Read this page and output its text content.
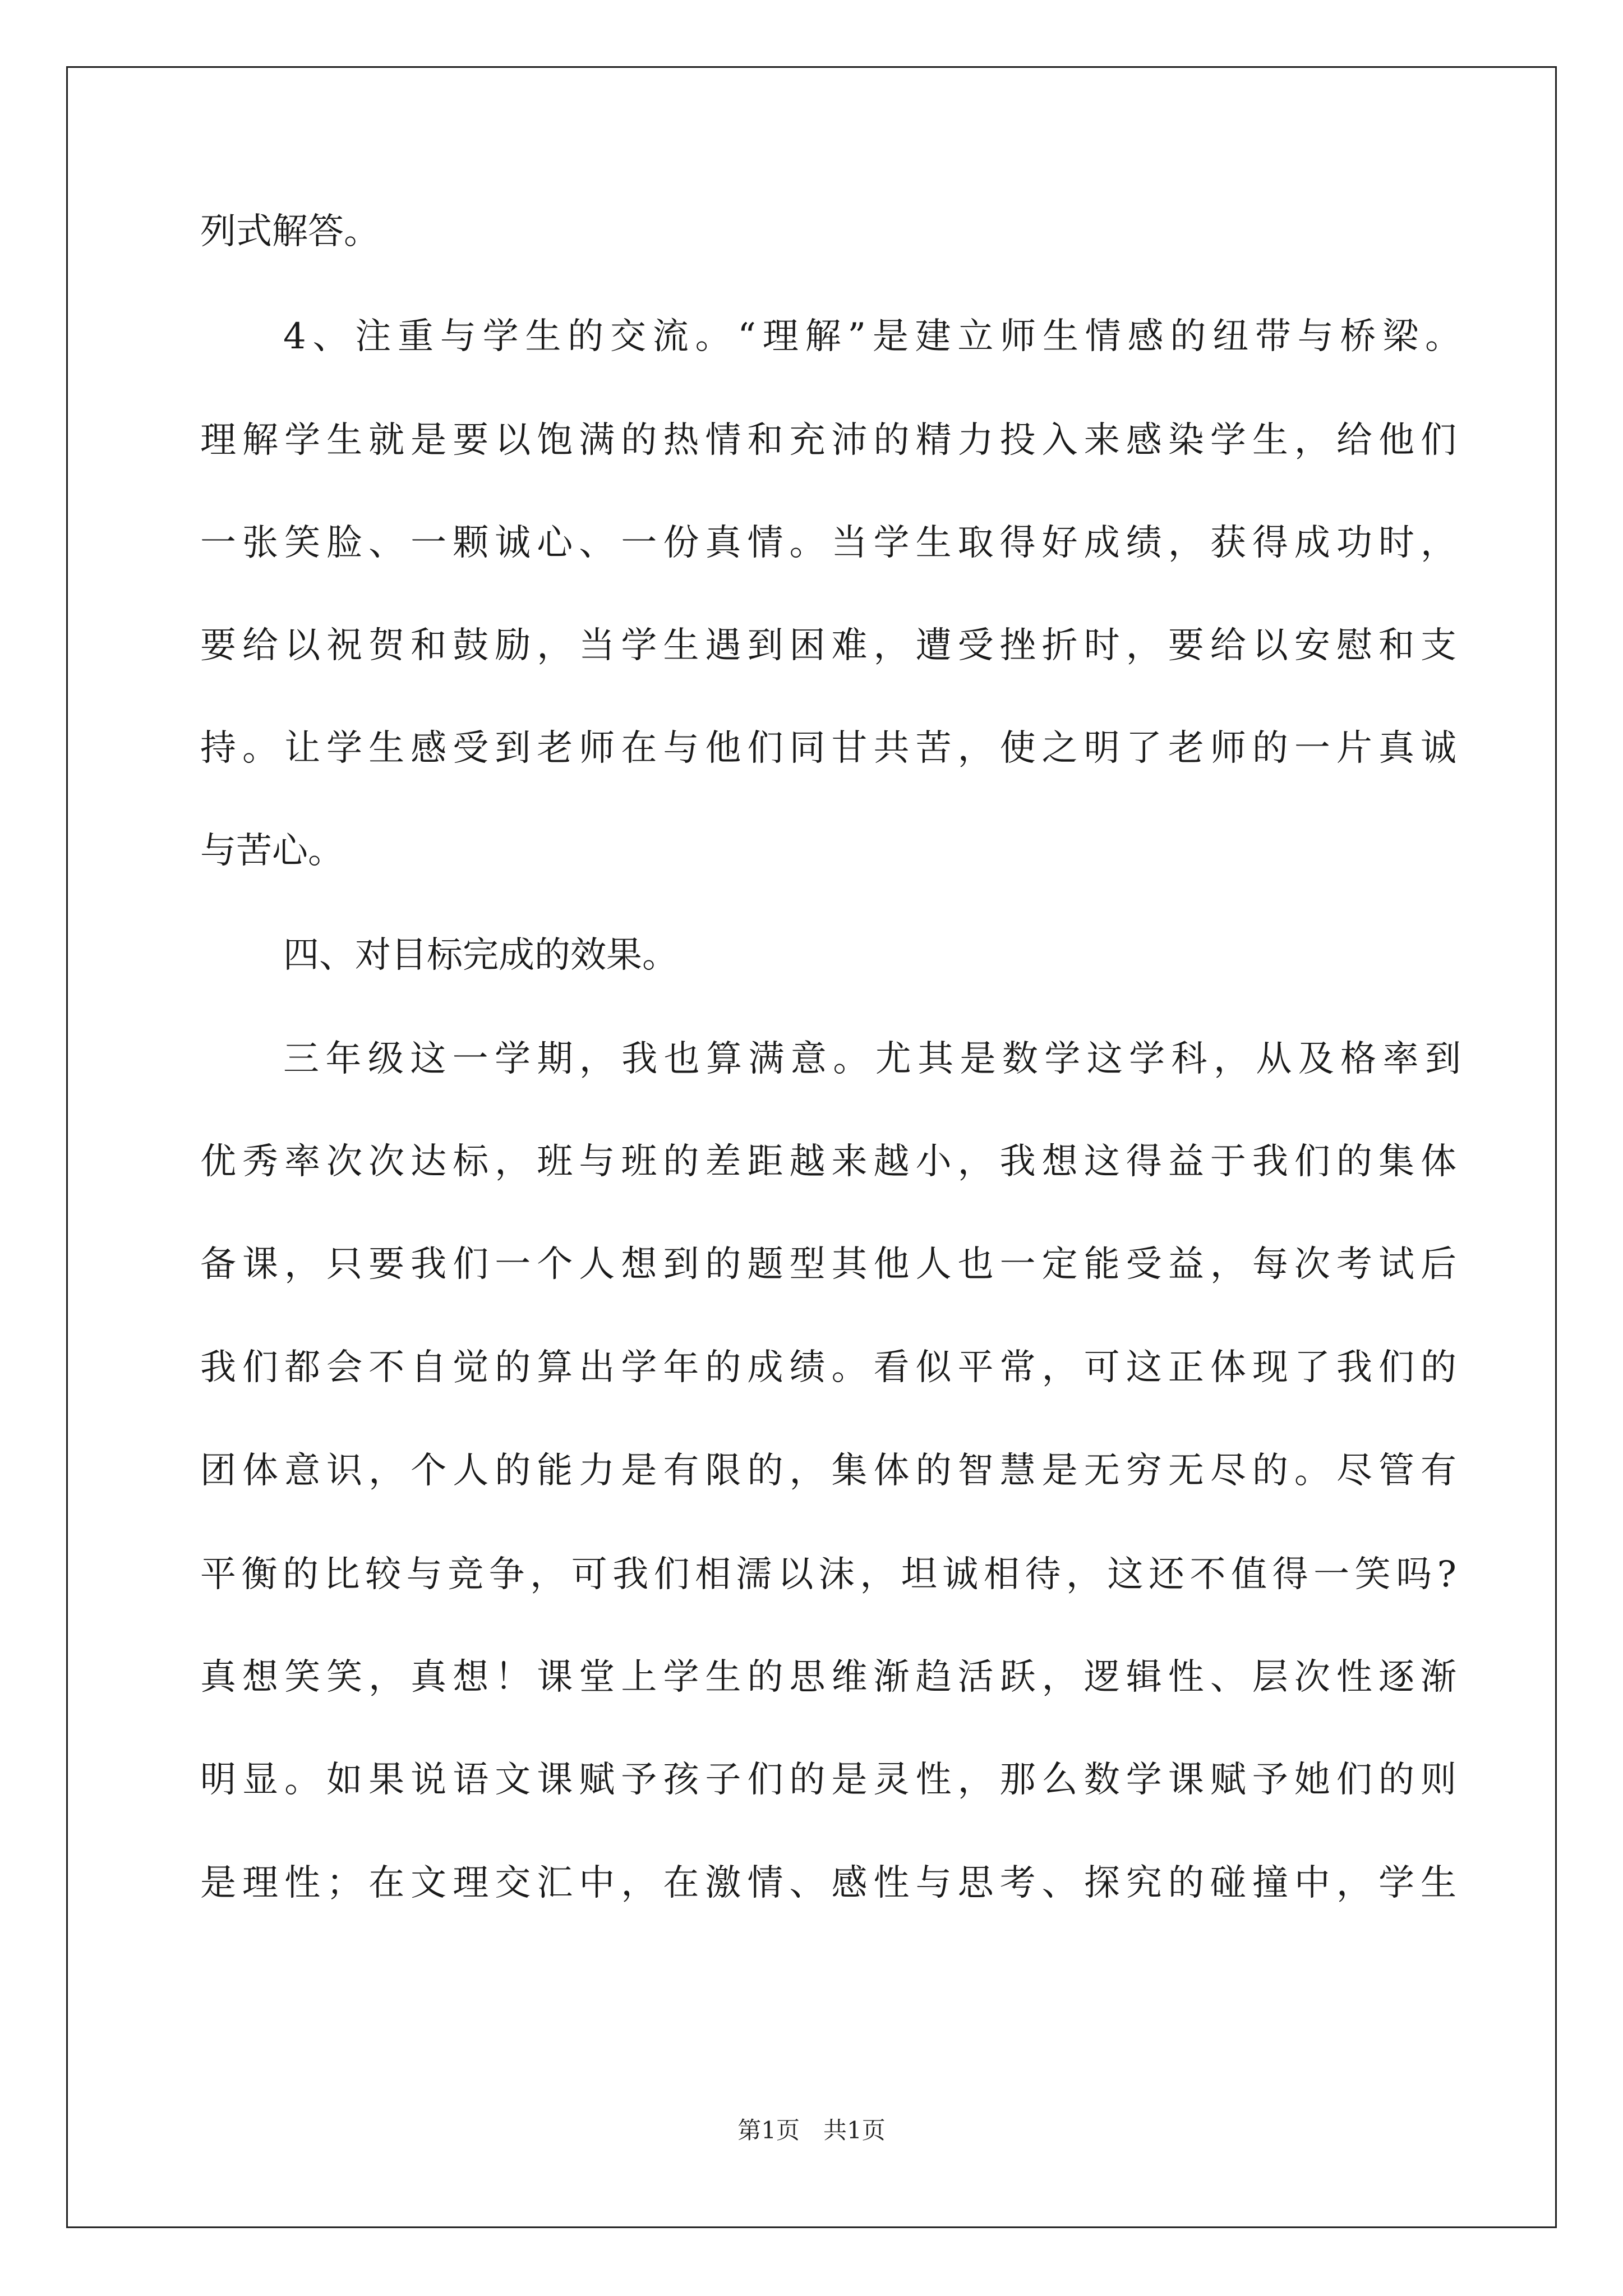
列式解答。
4、注重与学生的交流。“理解”是建立师生情感的纽带与桥梁。
理解学生就是要以饱满的热情和充沛的精力投入来感染学生，给他们
一张笑脸、一颗诚心、一份真情。当学生取得好成绩，获得成功时，
要给以祝贺和鼓励，当学生遇到困难，遭受挫折时，要给以安慰和支
持。让学生感受到老师在与他们同甘共苦，使之明了老师的一片真诚
与苦心。
四、对目标完成的效果。
三年级这一学期，我也算满意。尤其是数学这学科，从及格率到
优秀率次次达标，班与班的差距越来越小，我想这得益于我们的集体
备课，只要我们一个人想到的题型其他人也一定能受益，每次考试后
我们都会不自觉的算出学年的成绩。看似平常，可这正体现了我们的
团体意识，个人的能力是有限的，集体的智慧是无穷无尽的。尽管有
平衡的比较与竞争，可我们相濡以沫，坦诚相待，这还不值得一笑吗?
真想笑笑，真想！课堂上学生的思维渐趋活跃，逻辑性、层次性逐渐
明显。如果说语文课赋予孩子们的是灵性，那么数学课赋予她们的则
是理性；在文理交汇中，在激情、感性与思考、探究的碰撞中，学生
第1页　共1页
